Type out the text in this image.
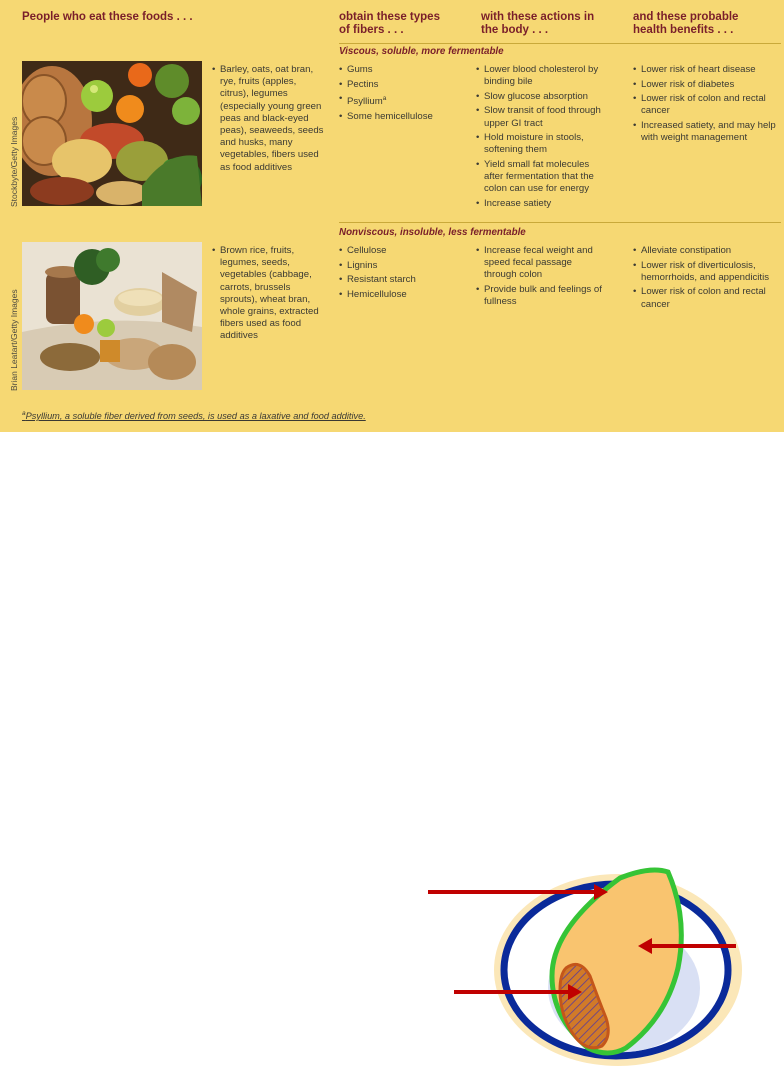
People who eat these foods . . .	obtain these types of fibers . . .

with these actions in the body . . .

and these probable health benefits . . .

Viscous, soluble, more fermentable

Stockbyte/Getty Images
• Barley, oats, oat bran, rye, fruits (apples, citrus), legumes (especially young green peas and black-eyed peas), seaweeds, seeds and husks, many vegetables, fibers used as food additives
• Gums
• Pectins
• Psyllium$^a$
• Some hemicellulose
• Lower blood cholesterol by binding bile
• Slow glucose absorption
• Slow transit of food through upper GI tract
• Hold moisture in stools, softening them
• Yield small fat molecules after fermentation that the colon can use for energy
• Increase satiety
• Lower risk of heart disease
• Lower risk of diabetes
• Lower risk of colon and rectal cancer
• Increased satiety, and may help with weight management

Nonviscous, insoluble, less fermentable

Brian Leatart/Getty Images
• Brown rice, fruits, legumes, seeds, vegetables (cabbage, carrots, brussels sprouts), wheat bran, whole grains, extracted fibers used as food additives
• Cellulose
• Lignins
• Resistant starch
• Hemicellulose
• Increase fecal weight and speed fecal passage through colon
• Provide bulk and feelings of fullness
• Alleviate constipation
• Lower risk of diverticulosis, hemorrhoids, and appendicitis
• Lower risk of colon and rectal cancer

$^a$Psyllium, a soluble fiber derived from seeds, is used as a laxative and food additive.
